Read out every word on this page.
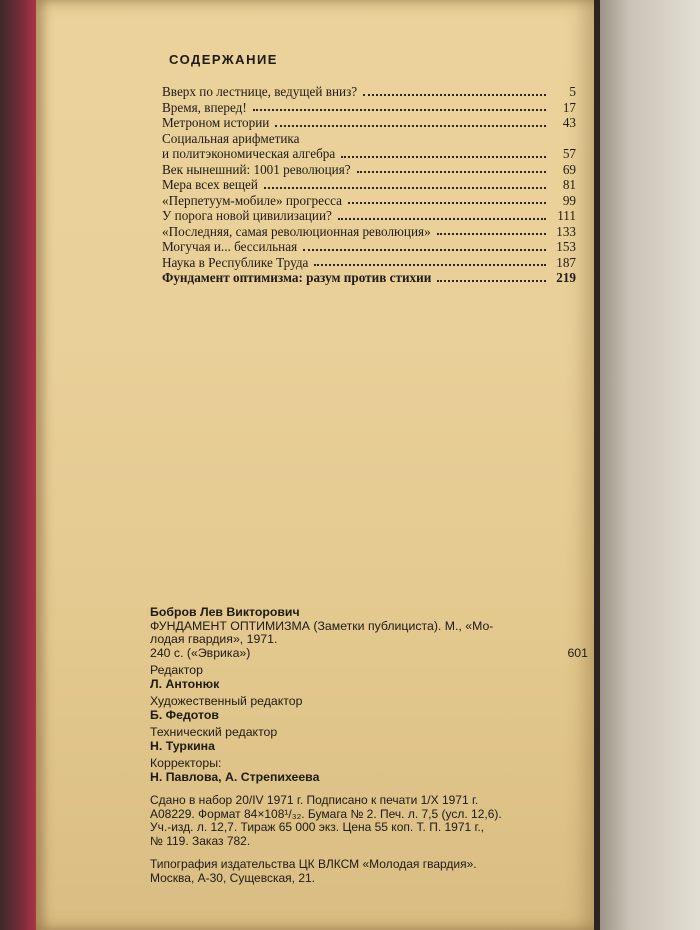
СОДЕРЖАНИЕ
Вверх по лестнице, ведущей вниз?	5
Время, вперед!	17
Метроном истории	43
Социальная арифметика
и политэкономическая алгебра	57
Век нынешний: 1001 революция?	69
Мера всех вещей	81
«Перпетуум-мобиле» прогресса	99
У порога новой цивилизации?	111
«Последняя, самая революционная революция»	133
Могучая и... бессильная	153
Наука в Республике Труда	187
Фундамент оптимизма: разум против стихии	219
Бобров Лев Викторович
ФУНДАМЕНТ ОПТИМИЗМА (Заметки публициста). М., «Мо-
лодая гвардия», 1971.
240 с. («Эврика»)	601
Редактор
Л. Антонюк
Художественный редактор
Б. Федотов
Технический редактор
Н. Туркина
Корректоры:
Н. Павлова, А. Стрепихеева
Сдано в набор 20/IV 1971 г. Подписано к печати 1/X 1971 г.
А08229. Формат 84×108¹/₃₂. Бумага № 2. Печ. л. 7,5 (усл. 12,6).
Уч.-изд. л. 12,7. Тираж 65 000 экз. Цена 55 коп. Т. П. 1971 г.,
№ 119. Заказ 782.
Типография издательства ЦК ВЛКСМ «Молодая гвардия».
Москва, А-30, Сущевская, 21.
